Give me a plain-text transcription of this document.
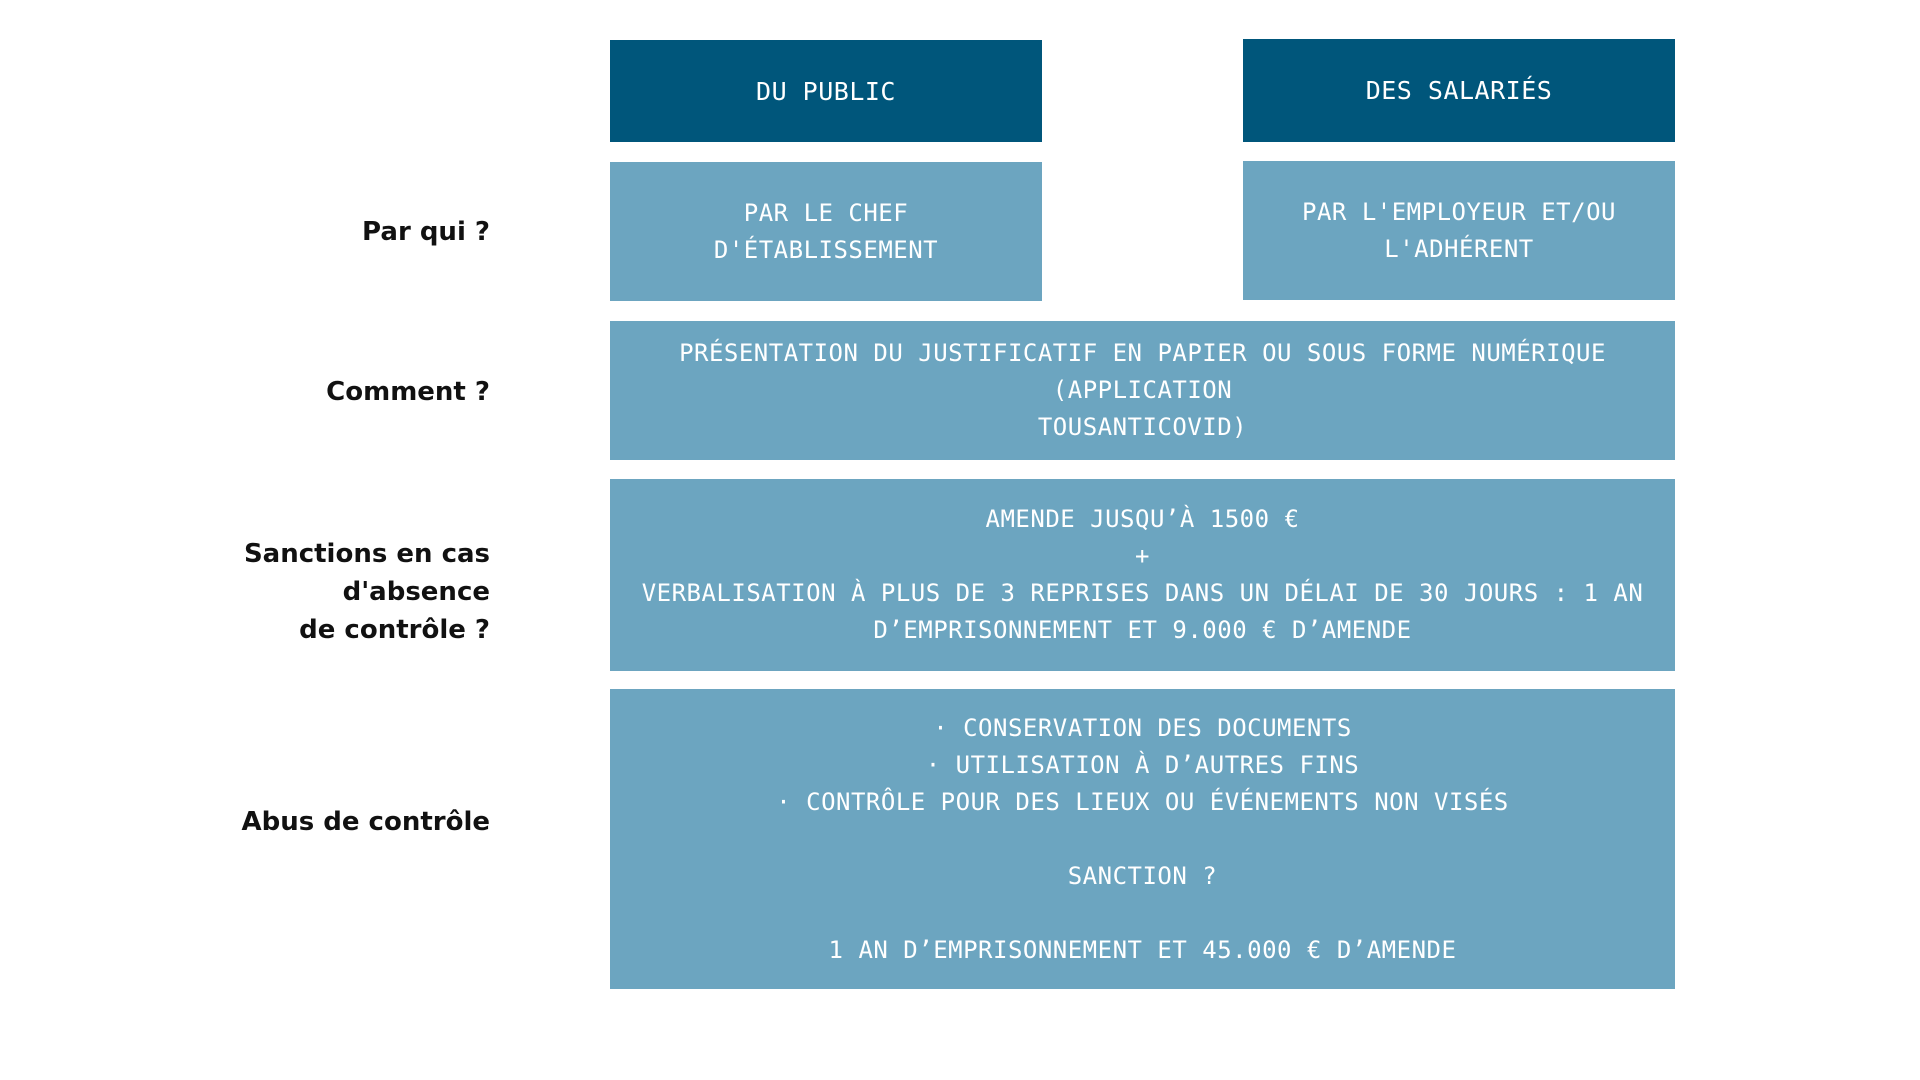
DU PUBLIC	DES SALARIÉS
Par qui ?
Comment ?
Sanctions en cas d'absence
de contrôle ?
Abus de contrôle
PAR LE CHEF D'ÉTABLISSEMENT
PAR L'EMPLOYEUR ET/OU
L'ADHÉRENT
PRÉSENTATION DU JUSTIFICATIF EN PAPIER OU SOUS FORME NUMÉRIQUE (APPLICATION
TOUSANTICOVID)
AMENDE JUSQU’À 1500 €
+
VERBALISATION À PLUS DE 3 REPRISES DANS UN DÉLAI DE 30 JOURS : 1 AN
D’EMPRISONNEMENT ET 9.000 € D’AMENDE
· CONSERVATION DES DOCUMENTS
· UTILISATION À D’AUTRES FINS
· CONTRÔLE POUR DES LIEUX OU ÉVÉNEMENTS NON VISÉS

SANCTION ?

1 AN D’EMPRISONNEMENT ET 45.000 € D’AMENDE
